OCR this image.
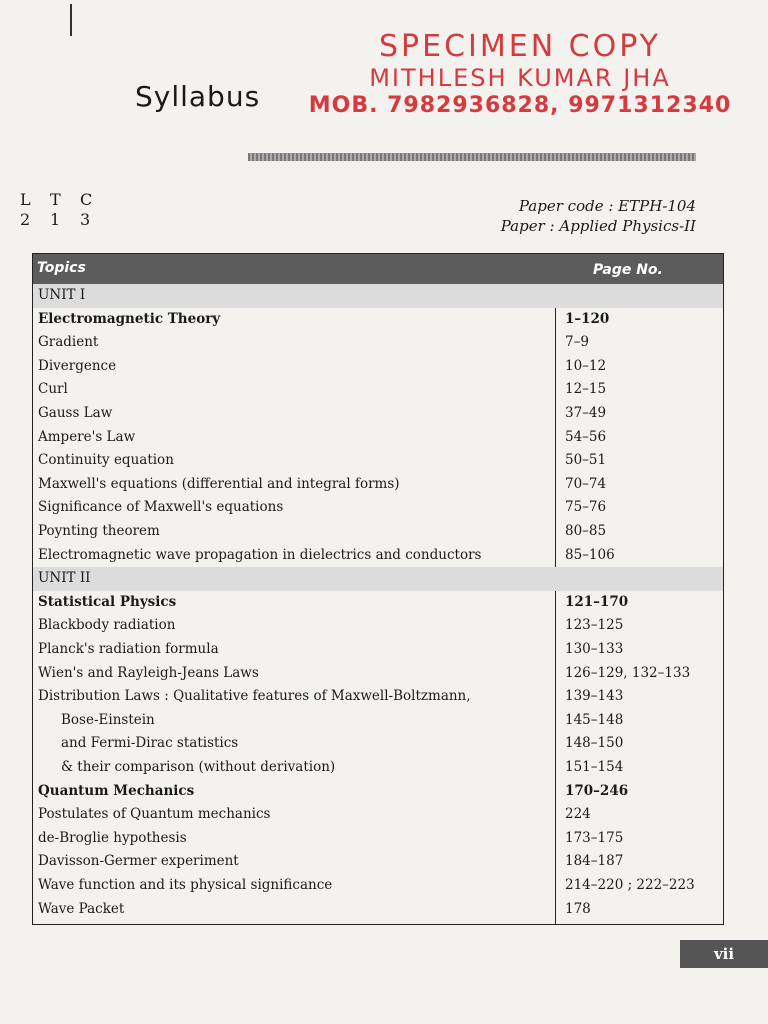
SPECIMEN COPY
MITHLESH KUMAR JHA
MOB. 7982936828, 9971312340
Syllabus
L T C
2 1 3
Paper code : ETPH-104
Paper : Applied Physics-II
Topics	Page No.
UNIT I
Electromagnetic Theory	1–120
Gradient	7–9
Divergence	10–12
Curl	12–15
Gauss Law	37–49
Ampere's Law	54–56
Continuity equation	50–51
Maxwell's equations (differential and integral forms)	70–74
Significance of Maxwell's equations	75–76
Poynting theorem	80–85
Electromagnetic wave propagation in dielectrics and conductors	85–106
UNIT II
Statistical Physics	121–170
Blackbody radiation	123–125
Planck's radiation formula	130–133
Wien's and Rayleigh-Jeans Laws	126–129, 132–133
Distribution Laws : Qualitative features of Maxwell-Boltzmann,	139–143
Bose-Einstein	145–148
and Fermi-Dirac statistics	148–150
& their comparison (without derivation)	151–154
Quantum Mechanics	170–246
Postulates of Quantum mechanics	224
de-Broglie hypothesis	173–175
Davisson-Germer experiment	184–187
Wave function and its physical significance	214–220 ; 222–223
Wave Packet	178
vii
